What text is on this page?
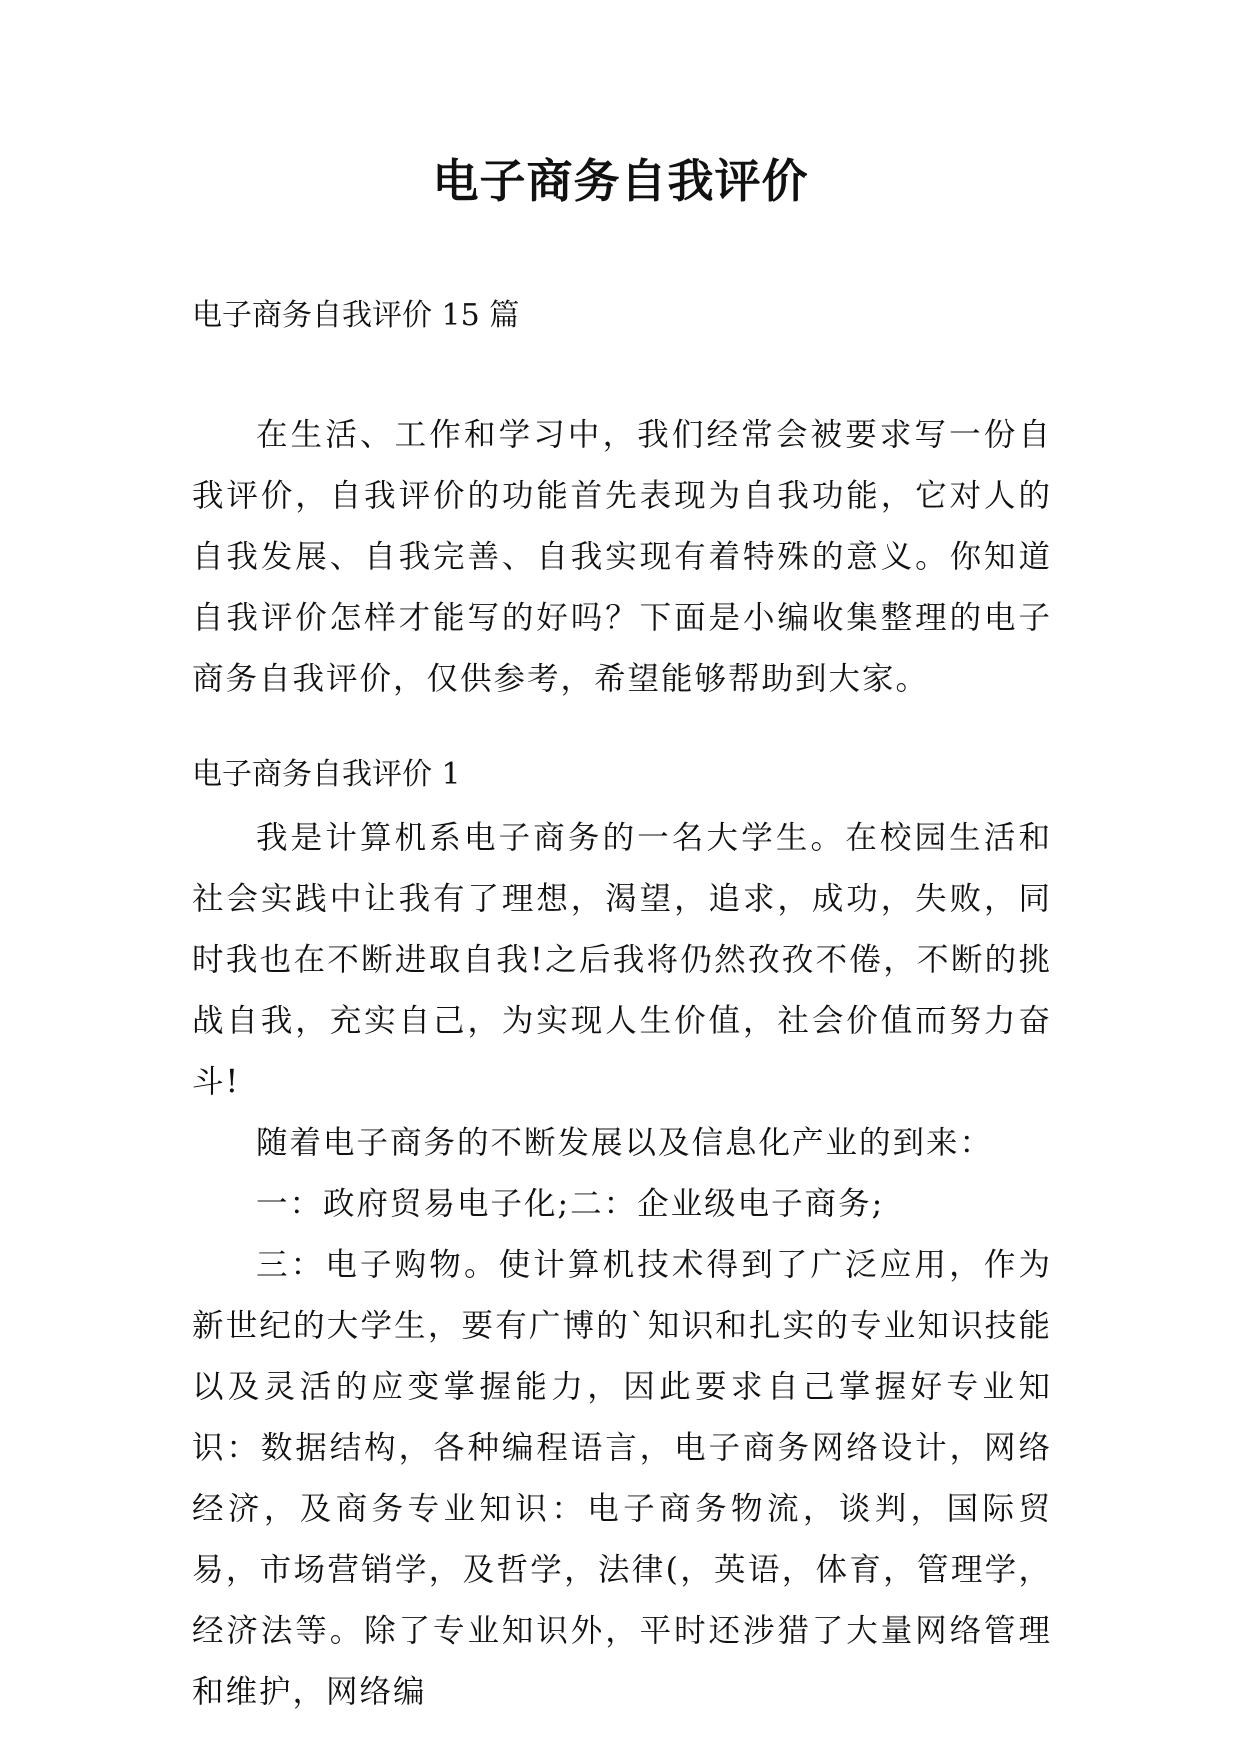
电子商务自我评价
电子商务自我评价 15 篇

在生活、工作和学习中，我们经常会被要求写一份自我评价，自我评价的功能首先表现为自我功能，它对人的自我发展、自我完善、自我实现有着特殊的意义。你知道自我评价怎样才能写的好吗？下面是小编收集整理的电子商务自我评价，仅供参考，希望能够帮助到大家。

电子商务自我评价 1

我是计算机系电子商务的一名大学生。在校园生活和社会实践中让我有了理想，渴望，追求，成功，失败，同时我也在不断进取自我!之后我将仍然孜孜不倦，不断的挑战自我，充实自己，为实现人生价值，社会价值而努力奋斗!

随着电子商务的不断发展以及信息化产业的到来：

一：政府贸易电子化;二：企业级电子商务;

三：电子购物。使计算机技术得到了广泛应用，作为新世纪的大学生，要有广博的`知识和扎实的专业知识技能以及灵活的应变掌握能力，因此要求自己掌握好专业知识：数据结构，各种编程语言，电子商务网络设计，网络经济，及商务专业知识：电子商务物流，谈判，国际贸易，市场营销学，及哲学，法律(，英语，体育，管理学，经济法等。除了专业知识外，平时还涉猎了大量网络管理和维护，网络编
